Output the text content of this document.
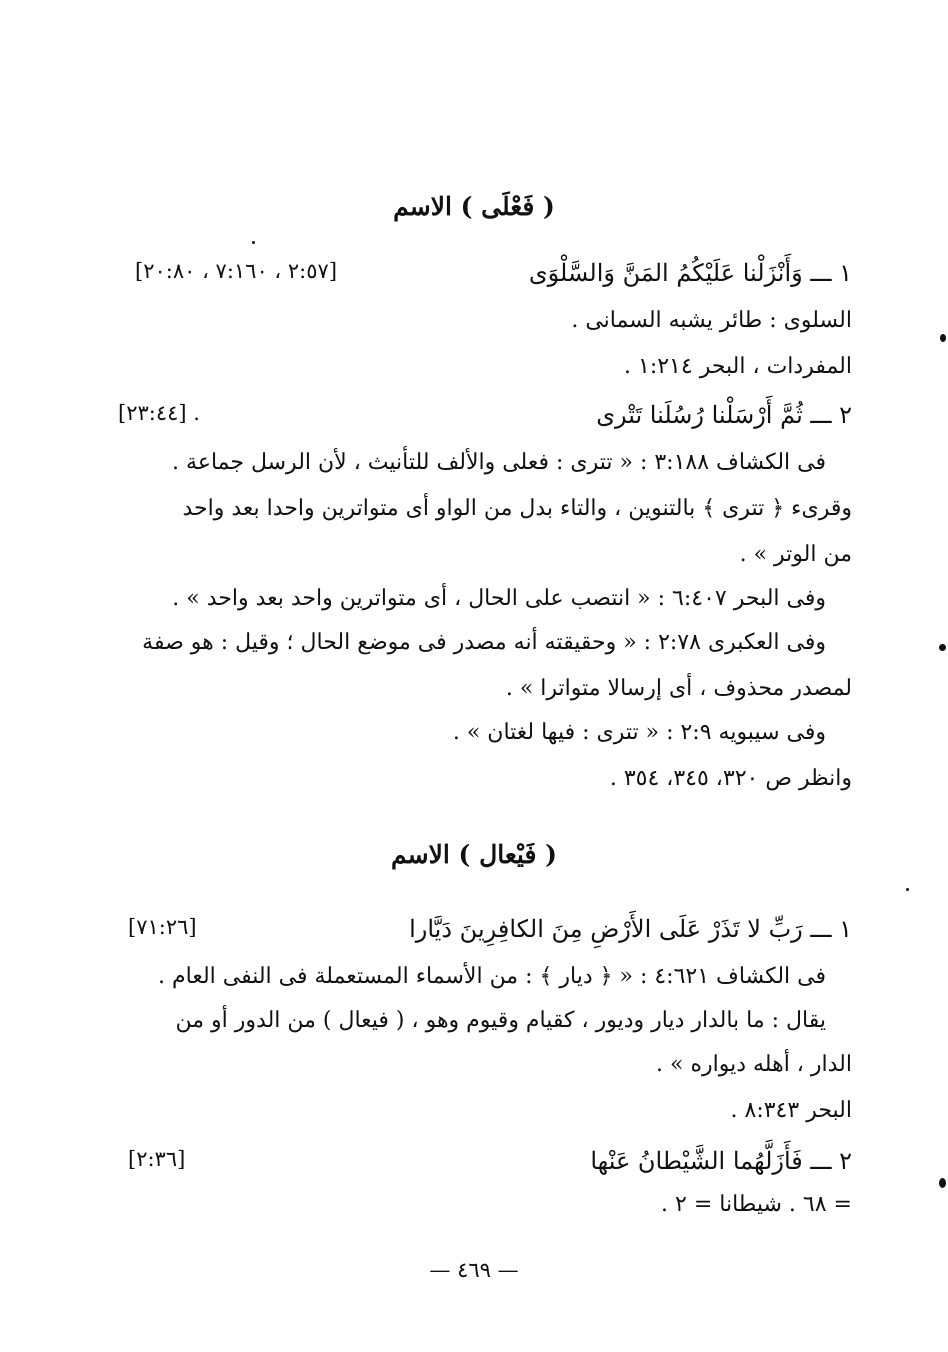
( فَعْلَى ) الاسم
١ ـــ وَأَنْزَلْنا عَلَيْكُمُ المَنَّ وَالسَّلْوَى
[٢:٥٧ ، ٧:١٦٠ ، ٢٠:٨٠]
السلوى : طائر يشبه السمانى .
المفردات ، البحر ١:٢١٤ .
٢ ـــ ثُمَّ أَرْسَلْنا رُسُلَنا تَتْرى
[٢٣:٤٤] .
فى الكشاف ٣:١٨٨ : « تترى : فعلى والألف للتأنيث ، لأن الرسل جماعة .
وقرىء ﴿ تترى ﴾ بالتنوين ، والتاء بدل من الواو أى متواترين واحدا بعد واحد
من الوتر » .
وفى البحر ٦:٤٠٧ : « انتصب على الحال ، أى متواترين واحد بعد واحد » .
وفى العكبرى ٢:٧٨ : « وحقيقته أنه مصدر فى موضع الحال ؛ وقيل : هو صفة
لمصدر محذوف ، أى إرسالا متواترا » .
وفى سيبويه ٢:٩ : « تترى : فيها لغتان » .
وانظر ص ٣٢٠، ٣٤٥، ٣٥٤ .
( فَيْعال ) الاسم
١ ـــ رَبِّ لا تَذَرْ عَلَى الأَرْضِ مِنَ الكافِرِينَ دَيَّارا
[٧١:٢٦]
فى الكشاف ٤:٦٢١ : « ﴿ ديار ﴾ : من الأسماء المستعملة فى النفى العام .
يقال : ما بالدار ديار وديور ، كقيام وقيوم وهو ، ( فيعال ) من الدور أو من
الدار ، أهله ديواره » .
البحر ٨:٣٤٣ .
٢ ـــ فَأَزَلَّهُما الشَّيْطانُ عَنْها
[٢:٣٦]
= ٦٨ . شيطانا = ٢ .
— ٤٦٩ —
